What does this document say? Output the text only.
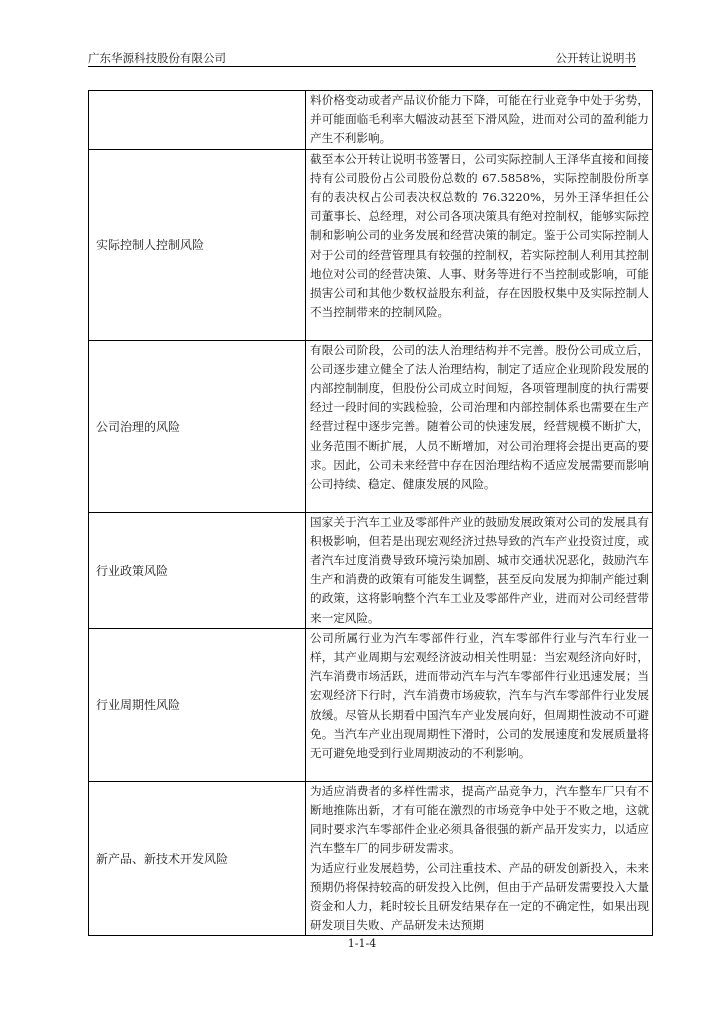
广东华源科技股份有限公司	公开转让说明书

	料价格变动或者产品议价能力下降，可能在行业竞争中处于劣势，并可能面临毛利率大幅波动甚至下滑风险，进而对公司的盈利能力产生不利影响。

实际控制人控制风险	截至本公开转让说明书签署日，公司实际控制人王泽华直接和间接持有公司股份占公司股份总数的 67.5858%，实际控制股份所享有的表决权占公司表决权总数的 76.3220%，另外王泽华担任公司董事长、总经理，对公司各项决策具有绝对控制权，能够实际控制和影响公司的业务发展和经营决策的制定。鉴于公司实际控制人对于公司的经营管理具有较强的控制权，若实际控制人利用其控制地位对公司的经营决策、人事、财务等进行不当控制或影响，可能损害公司和其他少数权益股东利益，存在因股权集中及实际控制人不当控制带来的控制风险。

公司治理的风险	有限公司阶段，公司的法人治理结构并不完善。股份公司成立后，公司逐步建立健全了法人治理结构，制定了适应企业现阶段发展的内部控制制度，但股份公司成立时间短，各项管理制度的执行需要经过一段时间的实践检验，公司治理和内部控制体系也需要在生产经营过程中逐步完善。随着公司的快速发展，经营规模不断扩大，业务范围不断扩展，人员不断增加，对公司治理将会提出更高的要求。因此，公司未来经营中存在因治理结构不适应发展需要而影响公司持续、稳定、健康发展的风险。

行业政策风险	国家关于汽车工业及零部件产业的鼓励发展政策对公司的发展具有积极影响，但若是出现宏观经济过热导致的汽车产业投资过度，或者汽车过度消费导致环境污染加剧、城市交通状况恶化，鼓励汽车生产和消费的政策有可能发生调整，甚至反向发展为抑制产能过剩的政策，这将影响整个汽车工业及零部件产业，进而对公司经营带来一定风险。

行业周期性风险	公司所属行业为汽车零部件行业，汽车零部件行业与汽车行业一样，其产业周期与宏观经济波动相关性明显：当宏观经济向好时，汽车消费市场活跃，进而带动汽车与汽车零部件行业迅速发展；当宏观经济下行时，汽车消费市场疲软，汽车与汽车零部件行业发展放缓。尽管从长期看中国汽车产业发展向好，但周期性波动不可避免。当汽车产业出现周期性下滑时，公司的发展速度和发展质量将无可避免地受到行业周期波动的不利影响。

新产品、新技术开发风险	为适应消费者的多样性需求，提高产品竞争力，汽车整车厂只有不断地推陈出新，才有可能在激烈的市场竞争中处于不败之地，这就同时要求汽车零部件企业必须具备很强的新产品开发实力，以适应汽车整车厂的同步研发需求。

为适应行业发展趋势，公司注重技术、产品的研发创新投入，未来预期仍将保持较高的研发投入比例，但由于产品研发需要投入大量资金和人力，耗时较长且研发结果存在一定的不确定性，如果出现研发项目失败、产品研发未达预期

1-1-4
